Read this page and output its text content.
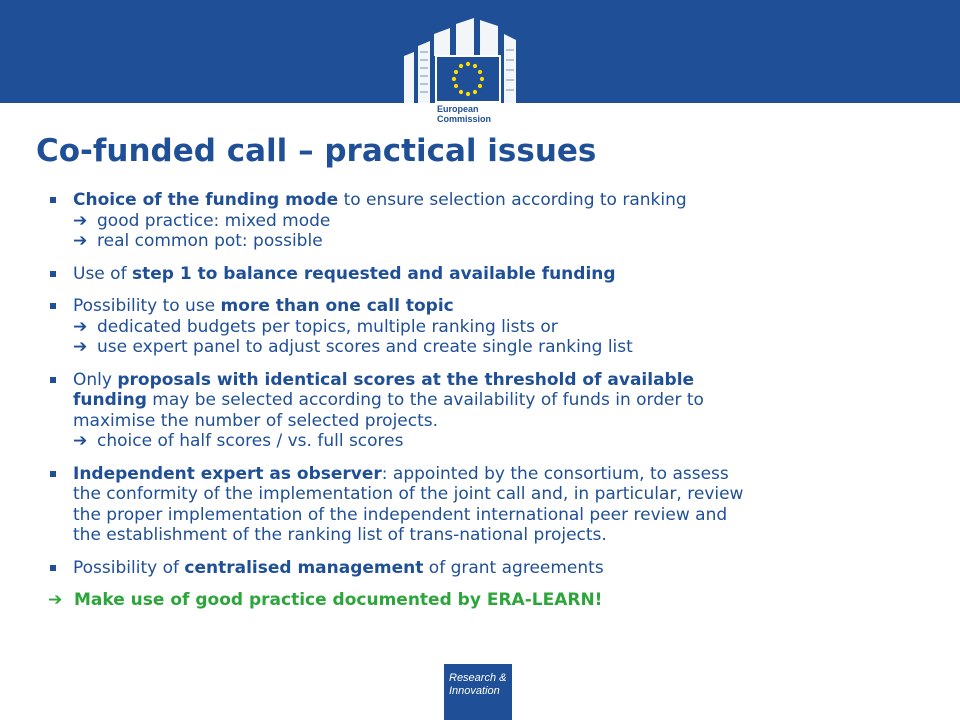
European
Commission
Co-funded call – practical issues
Choice of the funding mode to ensure selection according to ranking
➔ good practice: mixed mode
➔ real common pot: possible
Use of step 1 to balance requested and available funding
Possibility to use more than one call topic
➔ dedicated budgets per topics, multiple ranking lists or
➔ use expert panel to adjust scores and create single ranking list
Only proposals with identical scores at the threshold of available
funding may be selected according to the availability of funds in order to
maximise the number of selected projects.
➔ choice of half scores / vs. full scores
Independent expert as observer: appointed by the consortium, to assess
the conformity of the implementation of the joint call and, in particular, review
the proper implementation of the independent international peer review and
the establishment of the ranking list of trans-national projects.
Possibility of centralised management of grant agreements
➔ Make use of good practice documented by ERA-LEARN!
Research &
Innovation
